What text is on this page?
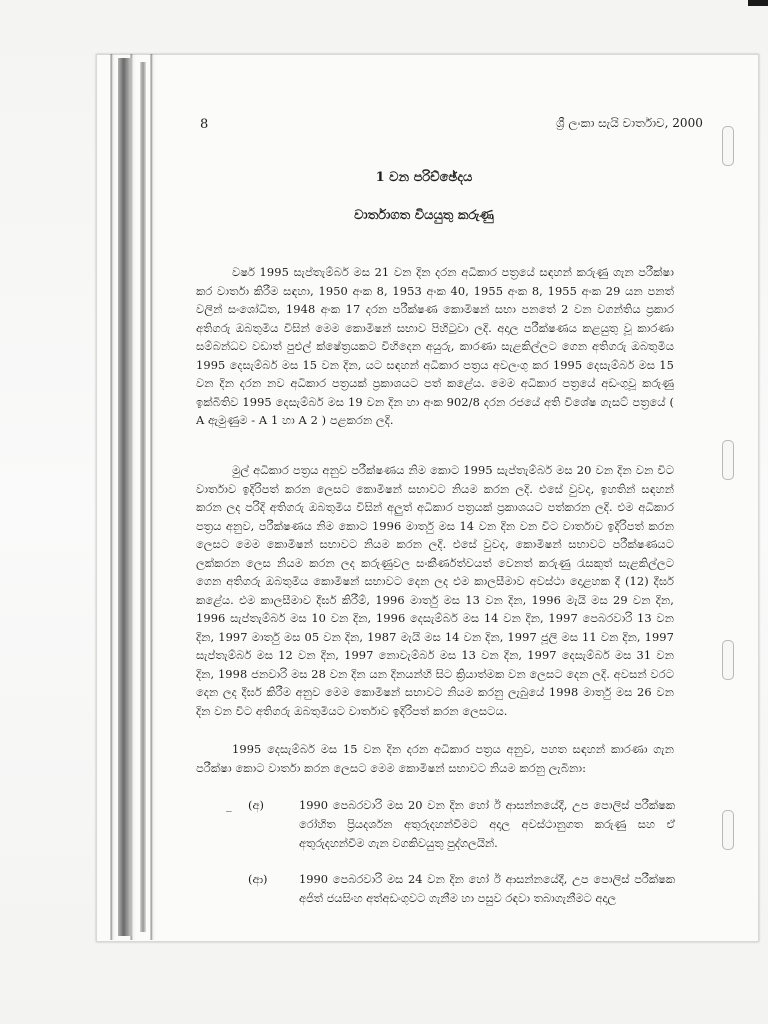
8	ශ්‍රී ලංකා සැයි වාර්තාව, 2000
1 වන පරිච්ඡේදය
වාර්තාගත වියයුතු කරුණු
වර්ෂ 1995 සැප්තැම්බර් මස 21 වන දින දරන අධිකාර පත්‍රයේ සඳහන් කරුණු ගැන පරීක්ෂා කර වාර්තා කිරීම සඳහා, 1950 අංක 8, 1953 අංක 40, 1955 අංක 8, 1955 අංක 29 යන පනත් වලින් සංශෝධිත, 1948 අංක 17 දරන පරීක්ෂණ කොමිෂන් සභා පනතේ 2 වන වගන්තිය ප්‍රකාර අතිගරු ඔබතුමිය විසින් මෙම කොමිෂන් සභාව පිහිටුවා ලදි. අදාල පරීක්ෂණය කළයුතු වූ කාරණා සම්බන්ධව වඩාත් පුළුල් ක්ෂේත්‍රයකට විහිදෙන අයුරු, කාරණා සැළකිල්ලට ගෙන අතිගරු ඔබතුමිය 1995 දෙසැම්බර් මස 15 වන දින, යට සඳහන් අධිකාර පත්‍රය අවලංගු කර 1995 දෙසැම්බර් මස 15 වන දින දරන නව අධිකාර පත්‍රයක් ප්‍රකාශයට පත් කළේය. මෙම අධිකාර පත්‍රයේ අඩංගුවූ කරුණු ඉක්බිතිව 1995 දෙසැම්බර් මස 19 වන දින හා අංක 902/8 දරන රජයේ අති විශේෂ ගැසට් පත්‍රයේ ( A ඇමුණුම - A 1 හා A 2 ) පළකරන ලදි.
මුල් අධිකාර පත්‍රය අනුව පරීක්ෂණය නිම කොට 1995 සැප්තැම්බර් මස 20 වන දින වන විට වාර්තාව ඉදිරිපත් කරන ලෙසට කොමිෂන් සභාවට නියම කරන ලදි. එසේ වුවද, ඉහතින් සඳහන් කරන ලද පරිදි අතිගරු ඔබතුමිය විසින් අලුත් අධිකාර පත්‍රයක් ප්‍රකාශයට පත්කරන ලදි. එම අධිකාර පත්‍රය අනුව, පරීක්ෂණය නිම කොට 1996 මාර්තු මස 14 වන දින වන විට වාර්තාව ඉදිරිපත් කරන ලෙසට මෙම කොමිෂන් සභාවට නියම කරන ලදි. එසේ වුවද, කොමිෂන් සභාවට පරීක්ෂණයට ලක්කරන ලෙස නියම කරන ලද කරුණුවල සංකීර්ණත්වයත් වෙනත් කරුණු රැසකුත් සැළකිල්ලට ගෙන අතිගරු ඔබතුමිය කොමිෂන් සභාවට දෙන ලද එම කාලසීමාව අවස්ථා දොළහක දී (12) දීර්ඝ කළේය. එම කාලසීමාව දීර්ඝ කිරීම්, 1996 මාර්තු මස 13 වන දින, 1996 මැයි මස 29 වන දින, 1996 සැප්තැම්බර් මස 10 වන දින, 1996 දෙසැම්බර් මස 14 වන දින, 1997 පෙබරවාරි 13 වන දින, 1997 මාර්තු මස 05 වන දින, 1987 මැයි මස 14 වන දින, 1997 ජූලි මස 11 වන දින, 1997 සැප්තැම්බර් මස 12 වන දින, 1997 නොවැම්බර් මස 13 වන දින, 1997 දෙසැම්බර් මස 31 වන දින, 1998 ජනවාරි මස 28 වන දින යන දිනයන්හි සිට ක්‍රියාත්මක වන ලෙසට දෙන ලදි. අවසන් වරට දෙන ලද දීර්ඝ කිරීම අනුව මෙම කොමිෂන් සභාවට නියම කරනු ලැබුයේ 1998 මාර්තු මස 26 වන දින වන විට අතිගරු ඔබතුමියට වාර්තාව ඉදිරිපත් කරන ලෙසටය.
1995 දෙසැම්බර් මස 15 වන දින දරන අධිකාර පත්‍රය අනුව, පහත සඳහන් කාරණා ගැන පරීක්ෂා කොට වාර්තා කරන ලෙසට මෙම කොමිෂන් සභාවට නියම කරනු ලැබිනා:
_ (අ)	1990 පෙබරවාරි මස 20 වන දින හෝ ඊ ආසන්නයේදී, උප පොලිස් පරීක්ෂක රෝහිත ප්‍රියදර්ශන අතුරුදහන්වීමට අදාල අවස්ථානුගත කරුණු සහ ඒ අතුරුදහන්වීම ගැන වගකිවයුතු පුද්ගලයින්.
(ආ)	1990 පෙබරවාරි මස 24 වන දින හෝ ඊ ආසන්නයේදී, උප පොලිස් පරීක්ෂක අජිත් ජයසිංහ අත්අඩංගුවට ගැනීම හා පසුව රඳවා තබාගැනීමට අදාල
